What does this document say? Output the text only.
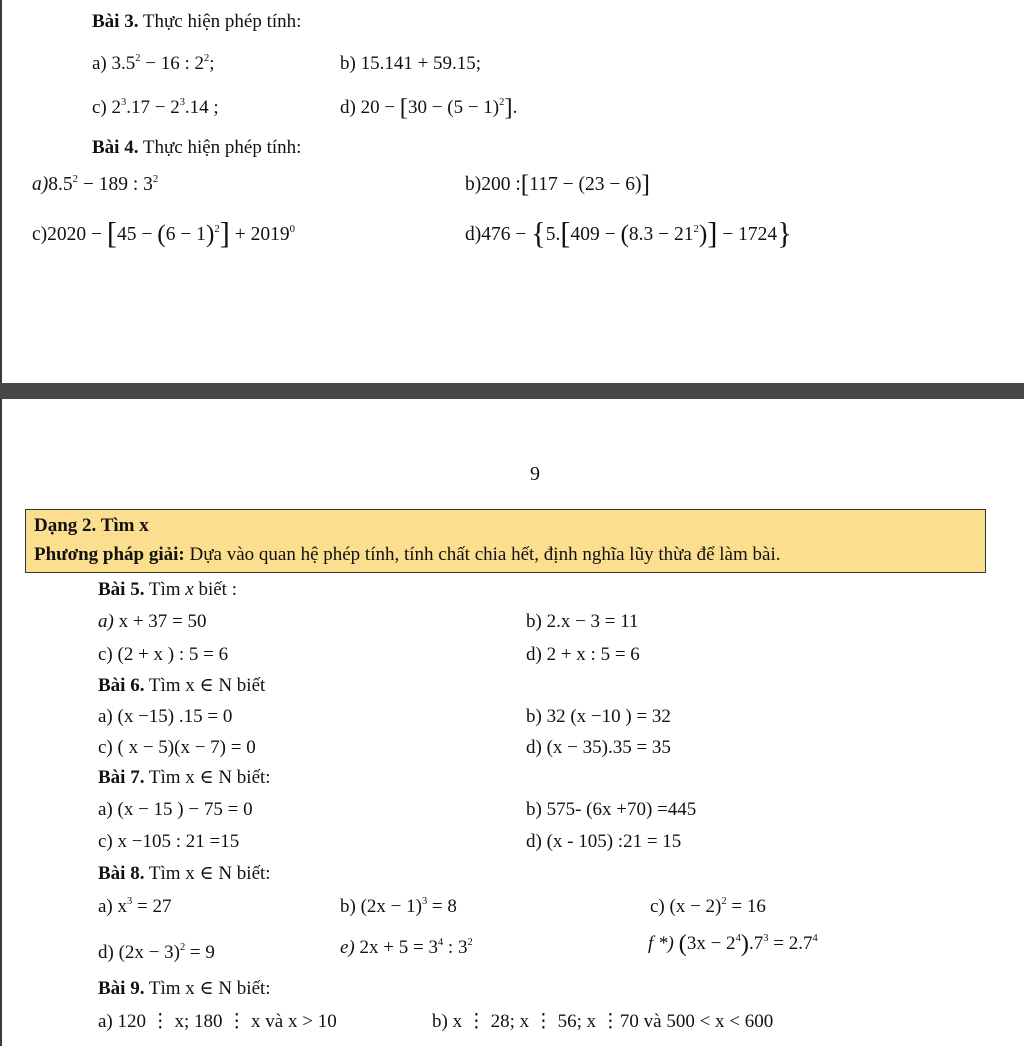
Bài 3. Thực hiện phép tính:
a) $3.5^2 - 16$ : $2^2$;	b) 15.141 + 59.15;
c) $2^3.17 - 2^3.14$ ;	d) $20 - [30 - (5 - 1)^2]$.
Bài 4. Thực hiện phép tính:
$a)8.5^2 - 189$ : $3^2$	b)200 :[117 − (23 − 6)]
$c)2020 - [45 - (6 - 1)^2] + 2019^0$	$d)476 - \{5.[409 - (8.3 - 21^2)] - 1724\}$
9
Dạng 2. Tìm x
Phương pháp giải: Dựa vào quan hệ phép tính, tính chất chia hết, định nghĩa lũy thừa để làm bài.
Bài 5. Tìm x biết :
a) x + 37 = 50	b) 2.x − 3 = 11
c) (2 + x ) : 5 = 6	d) 2 + x : 5 = 6
Bài 6. Tìm x ∈ N biết
a) (x −15) .15 = 0	b) 32 (x −10 ) = 32
c) ( x − 5)(x − 7) = 0	d) (x − 35).35 = 35
Bài 7. Tìm x ∈ N biết:
a) (x − 15 ) − 75 = 0	b) 575- (6x +70) =445
c) x −105 : 21 =15	d) (x - 105) :21 = 15
Bài 8. Tìm x ∈ N biết:
a) $x^3 = 27$	b) $(2x - 1)^3 = 8$	c) $(x - 2)^2 = 16$
d) $(2x - 3)^2 = 9$	e) $2x + 5 = 3^4$ : $3^2$	f *) $(3x - 2^4).7^3 = 2.7^4$
Bài 9. Tìm x ∈ N biết:
a) 120 ⋮ x; 180 ⋮ x và x > 10	b) x ⋮ 28; x ⋮ 56; x ⋮70 và 500 < x < 600
